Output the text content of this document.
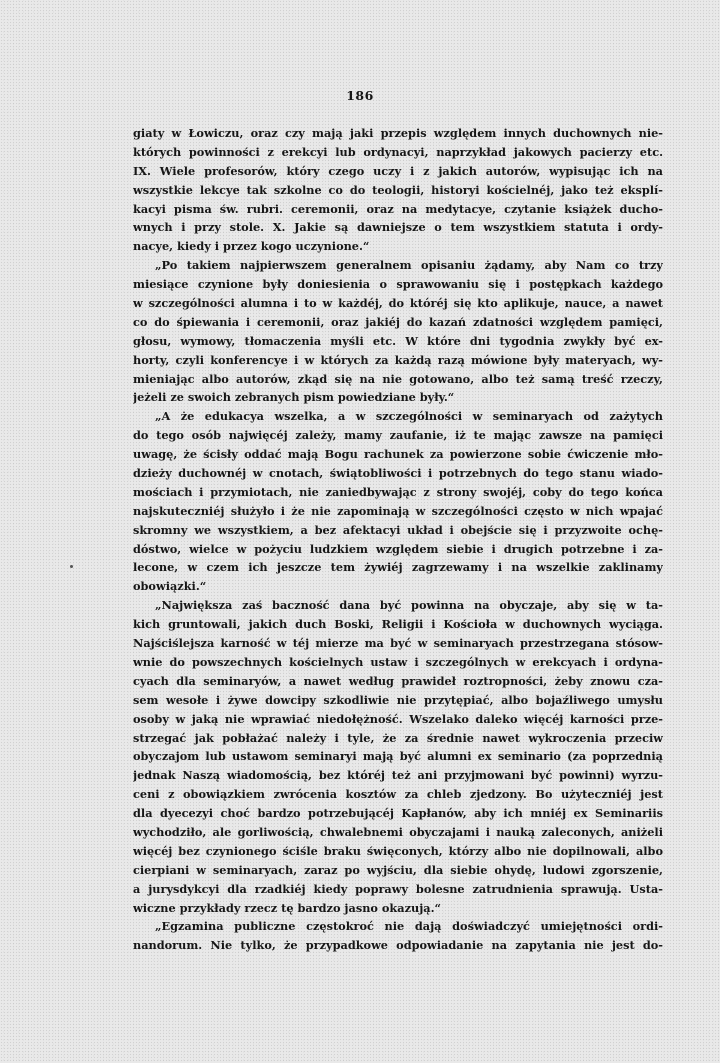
186
giaty w Łowiczu, oraz czy mają jaki przepis względem innych duchownych nie-
których powinności z erekcyi lub ordynacyi, naprzykład jakowych pacierzy etc.
IX. Wiele profesorów, który czego uczy i z jakich autorów, wypisując ich na
wszystkie lekcye tak szkolne co do teologii, historyi kościelnéj, jako też eksplí-
kacyi pisma św. rubri. ceremonii, oraz na medytacye, czytanie książek ducho-
wnych i przy stole. X. Jakie są dawniejsze o tem wszystkiem statuta i ordy-
nacye, kiedy i przez kogo uczynione.“
„Po takiem najpierwszem generalnem opisaniu żądamy, aby Nam co trzy
miesiące czynione były doniesienia o sprawowaniu się i postępkach każdego
w szczególności alumna i to w każdéj, do któréj się kto aplikuje, nauce, a nawet
co do śpiewania i ceremonii, oraz jakiéj do kazań zdatności względem pamięci,
głosu, wymowy, tłomaczenia myśli etc. W które dni tygodnia zwykły być ex-
horty, czyli konferencye i w których za każdą razą mówione były materyach, wy-
mieniając albo autorów, zkąd się na nie gotowano, albo też samą treść rzeczy,
jeżeli ze swoich zebranych pism powiedziane były.“
„A że edukacya wszelka, a w szczególności w seminaryach od zażytych
do tego osób najwięcéj zależy, mamy zaufanie, iż te mając zawsze na pamięci
uwagę, że ścisły oddać mają Bogu rachunek za powierzone sobie ćwiczenie mło-
dzieży duchownéj w cnotach, świątobliwości i potrzebnych do tego stanu wiado-
mościach i przymiotach, nie zaniedbywając z strony swojéj, coby do tego końca
najskuteczniéj służyło i że nie zapominają w szczególności często w nich wpajać
skromny we wszystkiem, a bez afektacyi układ i obejście się i przyzwoite ochę-
dóstwo, wielce w pożyciu ludzkiem względem siebie i drugich potrzebne i za-
lecone, w czem ich jeszcze tem żywiéj zagrzewamy i na wszelkie zaklinamy
obowiązki.“
„Największa zaś baczność dana być powinna na obyczaje, aby się w ta-
kich gruntowali, jakich duch Boski, Religii i Kościoła w duchownych wyciąga.
Najściślejsza karność w téj mierze ma być w seminaryach przestrzegana stósow-
wnie do powszechnych kościelnych ustaw i szczególnych w erekcyach i ordyna-
cyach dla seminaryów, a nawet według prawideł roztropności, żeby znowu cza-
sem wesołe i żywe dowcipy szkodliwie nie przytępiać, albo bojaźliwego umysłu
osoby w jaką nie wprawiać niedołężność. Wszelako daleko więcéj karności prze-
strzegać jak pobłażać należy i tyle, że za średnie nawet wykroczenia przeciw
obyczajom lub ustawom seminaryi mają być alumni ex seminario (za poprzednią
jednak Naszą wiadomością, bez któréj też ani przyjmowani być powinni) wyrzu-
ceni z obowiązkiem zwrócenia kosztów za chleb zjedzony. Bo użyteczniéj jest
dla dyecezyi choć bardzo potrzebującéj Kapłanów, aby ich mniéj ex Seminariis
wychodziło, ale gorliwością, chwalebnemi obyczajami i nauką zaleconych, aniżeli
więcéj bez czynionego ściśle braku święconych, którzy albo nie dopilnowali, albo
cierpiani w seminaryach, zaraz po wyjściu, dla siebie ohydę, ludowi zgorszenie,
a jurysdykcyi dla rzadkiéj kiedy poprawy bolesne zatrudnienia sprawują. Usta-
wiczne przykłady rzecz tę bardzo jasno okazują.“
„Egzamina publiczne częstokroć nie dają doświadczyć umiejętności ordi-
nandorum. Nie tylko, że przypadkowe odpowiadanie na zapytania nie jest do-
